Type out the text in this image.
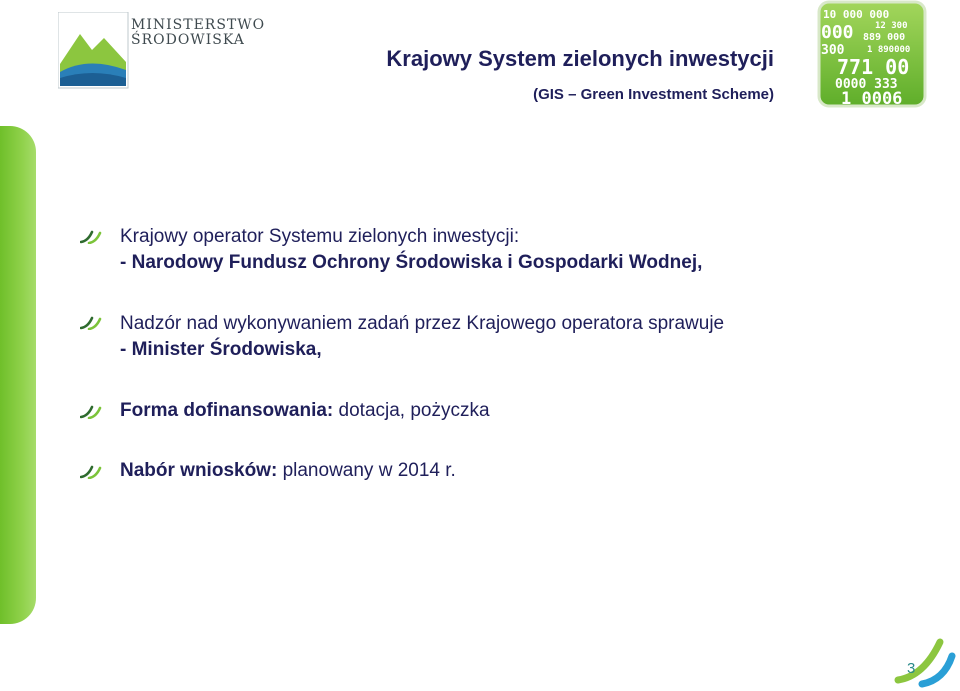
MINISTERSTWO
ŚRODOWISKA
Krajowy System zielonych inwestycji
(GIS – Green Investment Scheme)
10 000 000
12 300
000 889 000
1 890000
300
771 00
0000 333
1 0006
Krajowy operator Systemu zielonych inwestycji:
- Narodowy Fundusz Ochrony Środowiska i Gospodarki Wodnej,
Nadzór nad wykonywaniem zadań przez Krajowego operatora sprawuje
- Minister Środowiska,
Forma dofinansowania: dotacja, pożyczka
Nabór wniosków: planowany w 2014 r.
3
